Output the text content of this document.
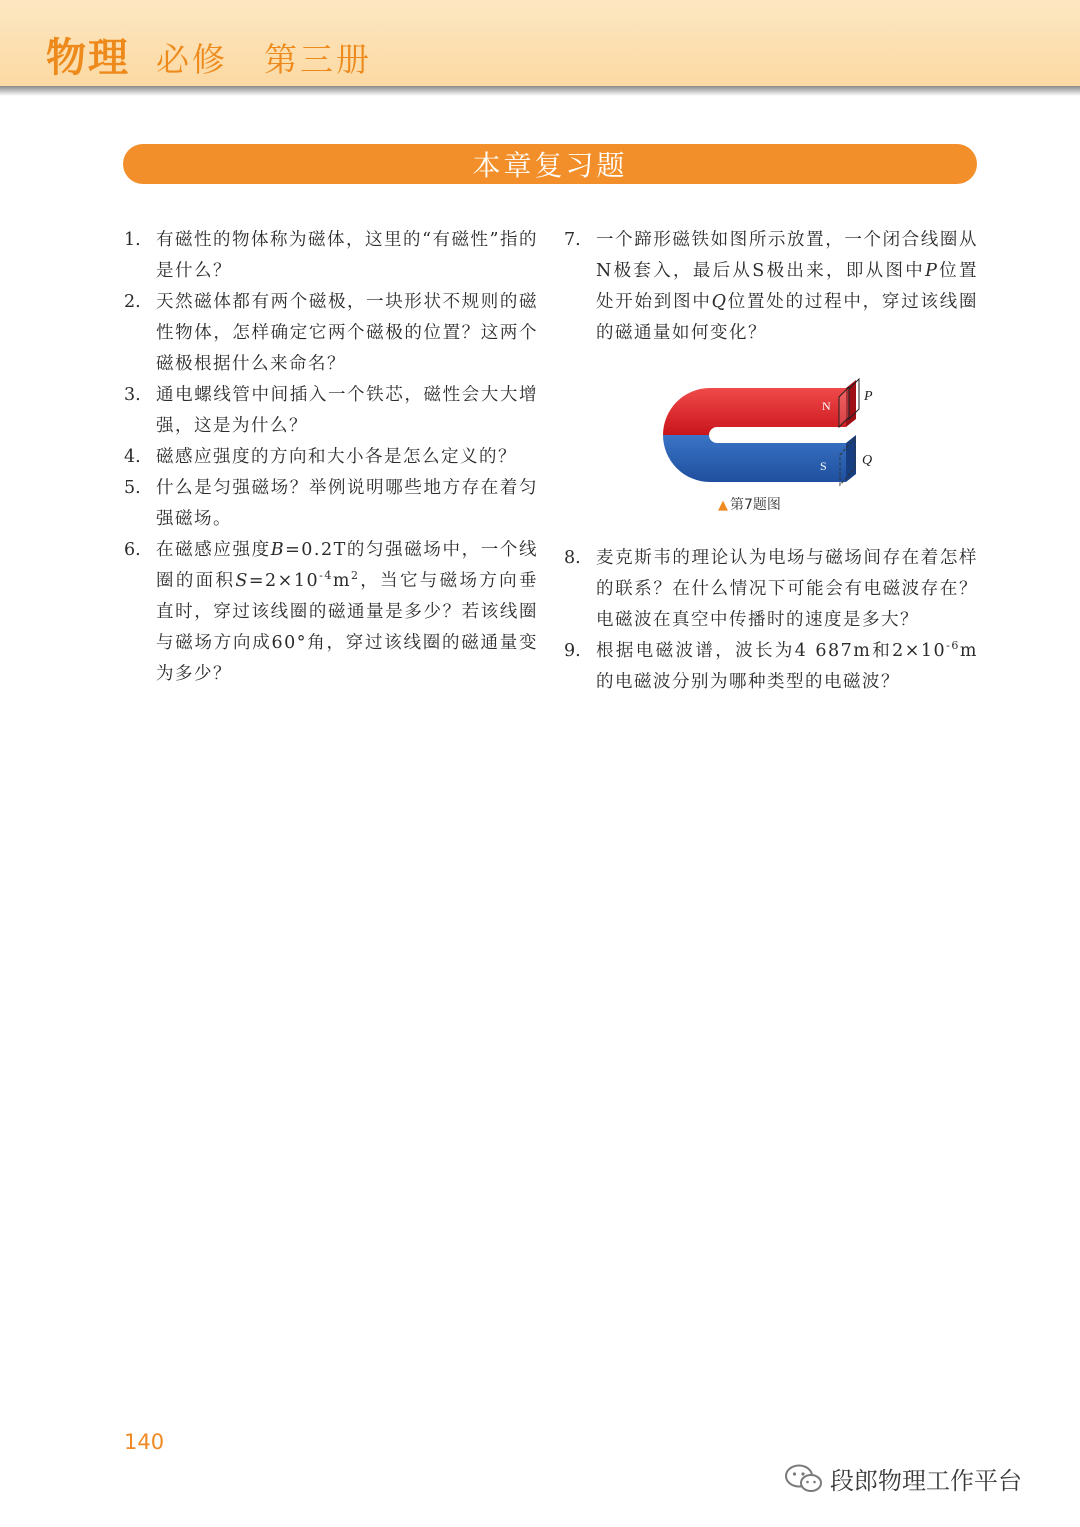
物理 必修　第三册
本章复习题

1. 有磁性的物体称为磁体，这里的“有磁性”指的是什么？

2. 天然磁体都有两个磁极，一块形状不规则的磁性物体，怎样确定它两个磁极的位置？这两个磁极根据什么来命名？

3. 通电螺线管中间插入一个铁芯，磁性会大大增强，这是为什么？

4. 磁感应强度的方向和大小各是怎么定义的？

5. 什么是匀强磁场？举例说明哪些地方存在着匀强磁场。

6. 在磁感应强度B=0.2T的匀强磁场中，一个线圈的面积$S=2\times 10^{-4}m^2$，当它与磁场方向垂直时，穿过该线圈的磁通量是多少？若该线圈与磁场方向成60°角，穿过该线圈的磁通量变为多少？

7. 一个蹄形磁铁如图所示放置，一个闭合线圈从N极套入，最后从S极出来，即从图中P位置处开始到图中Q位置处的过程中，穿过该线圈的磁通量如何变化？

8. 麦克斯韦的理论认为电场与磁场间存在着怎样的联系？在什么情况下可能会有电磁波存在？电磁波在真空中传播时的速度是多大？

9. 根据电磁波谱，波长为4 687m和$2\times 10^{-6}m$的电磁波分别为哪种类型的电磁波？

N
S
P
Q
▲ 第7题图
140
段郎物理工作平台
